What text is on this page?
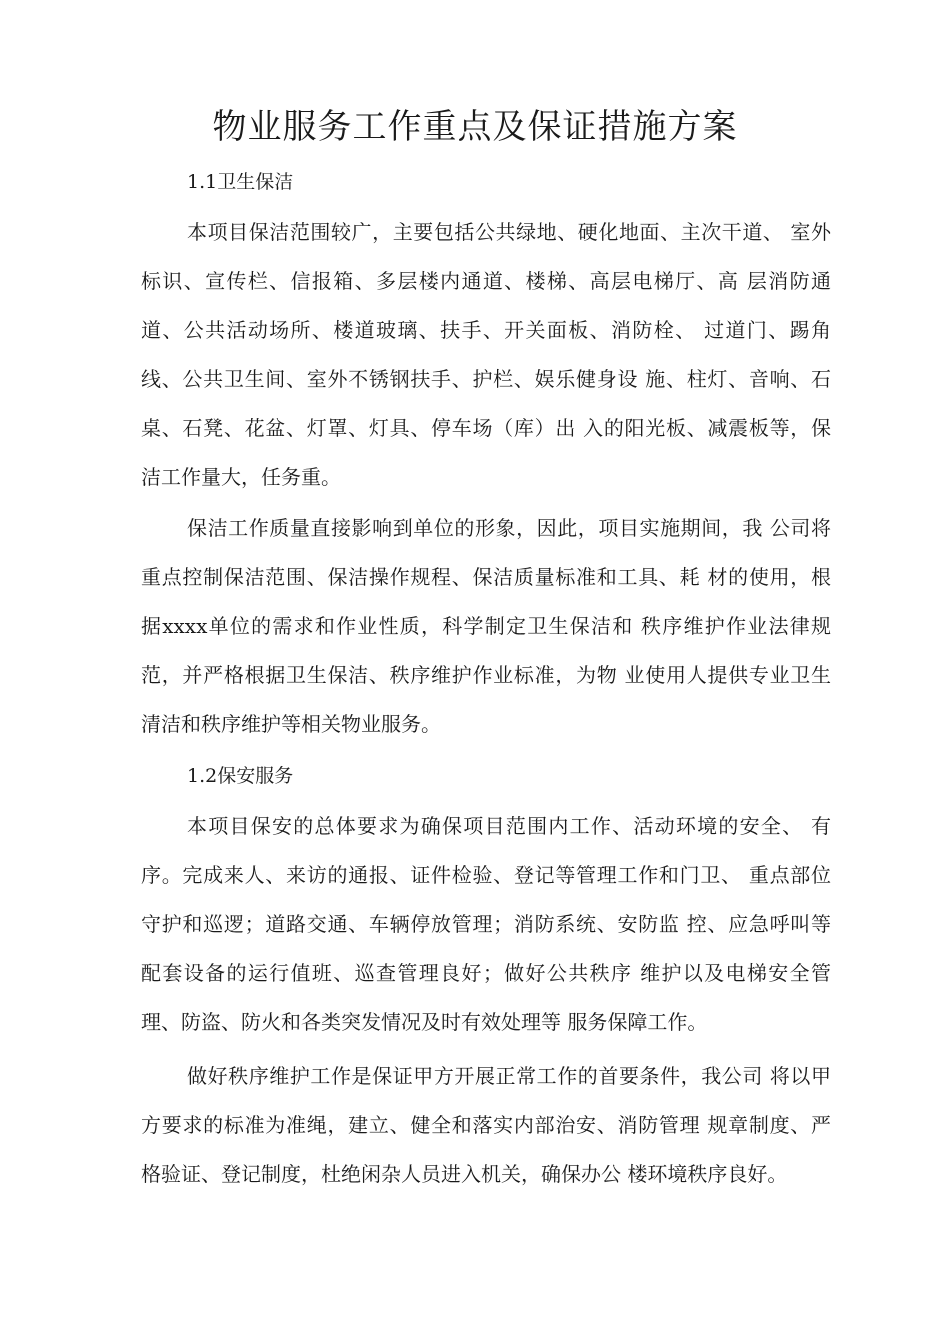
物业服务工作重点及保证措施方案
1.1卫生保洁
本项目保洁范围较广，主要包括公共绿地、硬化地面、主次干道、 室外
标识、宣传栏、信报箱、多层楼内通道、楼梯、高层电梯厅、高 层消防通
道、公共活动场所、楼道玻璃、扶手、开关面板、消防栓、 过道门、踢角
线、公共卫生间、室外不锈钢扶手、护栏、娱乐健身设 施、柱灯、音响、石
桌、石凳、花盆、灯罩、灯具、停车场（库）出 入的阳光板、减震板等，保
洁工作量大，任务重。
保洁工作质量直接影响到单位的形象，因此，项目实施期间，我 公司将
重点控制保洁范围、保洁操作规程、保洁质量标准和工具、耗 材的使用，根
据xxxx单位的需求和作业性质，科学制定卫生保洁和 秩序维护作业法律规
范，并严格根据卫生保洁、秩序维护作业标准，为物 业使用人提供专业卫生
清洁和秩序维护等相关物业服务。
1.2保安服务
本项目保安的总体要求为确保项目范围内工作、活动环境的安全、 有
序。完成来人、来访的通报、证件检验、登记等管理工作和门卫、 重点部位
守护和巡逻；道路交通、车辆停放管理；消防系统、安防监 控、应急呼叫等
配套设备的运行值班、巡查管理良好；做好公共秩序 维护以及电梯安全管
理、防盗、防火和各类突发情况及时有效处理等 服务保障工作。
做好秩序维护工作是保证甲方开展正常工作的首要条件，我公司 将以甲
方要求的标准为准绳，建立、健全和落实内部治安、消防管理 规章制度、严
格验证、登记制度，杜绝闲杂人员进入机关，确保办公 楼环境秩序良好。
